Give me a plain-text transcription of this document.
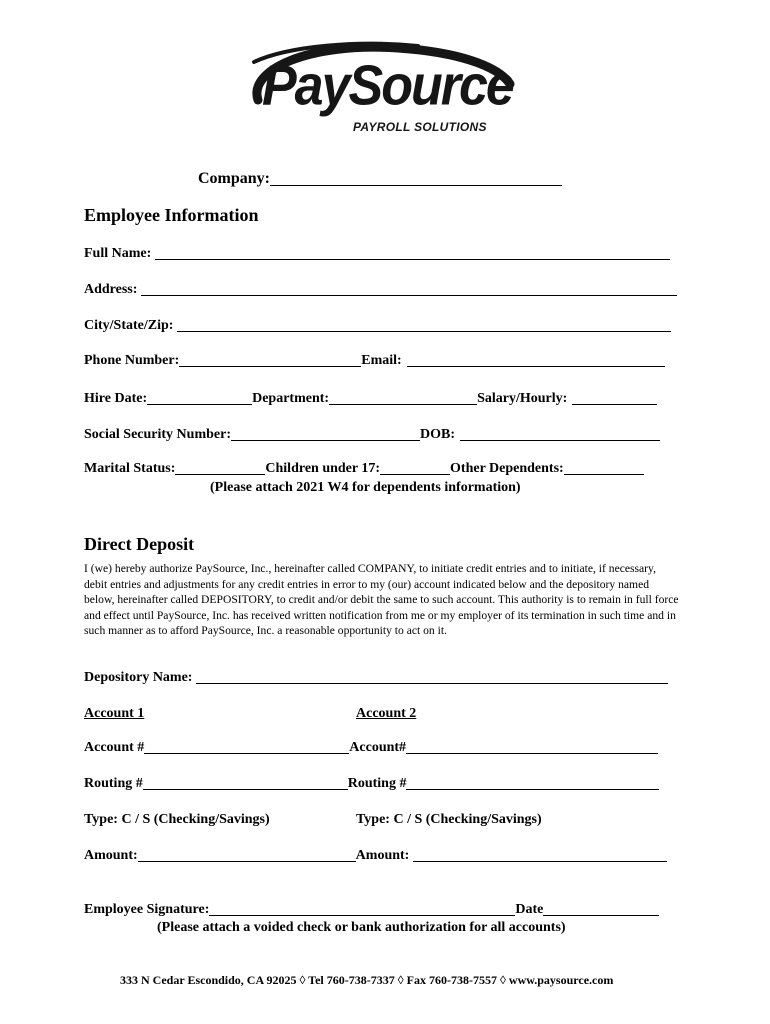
PaySource
PAYROLL SOLUTIONS
Company:
Employee Information
Full Name:
Address:
City/State/Zip:
Phone Number:	Email:
Hire Date:	Department:	Salary/Hourly:
Social Security Number:	DOB:
Marital Status:	Children under 17:	Other Dependents:
(Please attach 2021 W4 for dependents information)
Direct Deposit
I (we) hereby authorize PaySource, Inc., hereinafter called COMPANY, to initiate credit entries and to initiate, if necessary, debit entries and adjustments for any credit entries in error to my (our) account indicated below and the depository named below, hereinafter called DEPOSITORY, to credit and/or debit the same to such account. This authority is to remain in full force and effect until PaySource, Inc. has received written notification from me or my employer of its termination in such time and in such manner as to afford PaySource, Inc. a reasonable opportunity to act on it.
Depository Name:
Account 1	Account 2
Account #	Account#
Routing #	Routing #
Type: C / S (Checking/Savings)	Type: C / S (Checking/Savings)
Amount:	Amount:
Employee Signature:	Date
(Please attach a voided check or bank authorization for all accounts)
333 N Cedar Escondido, CA 92025 ◊ Tel 760-738-7337 ◊ Fax 760-738-7557 ◊ www.paysource.com
